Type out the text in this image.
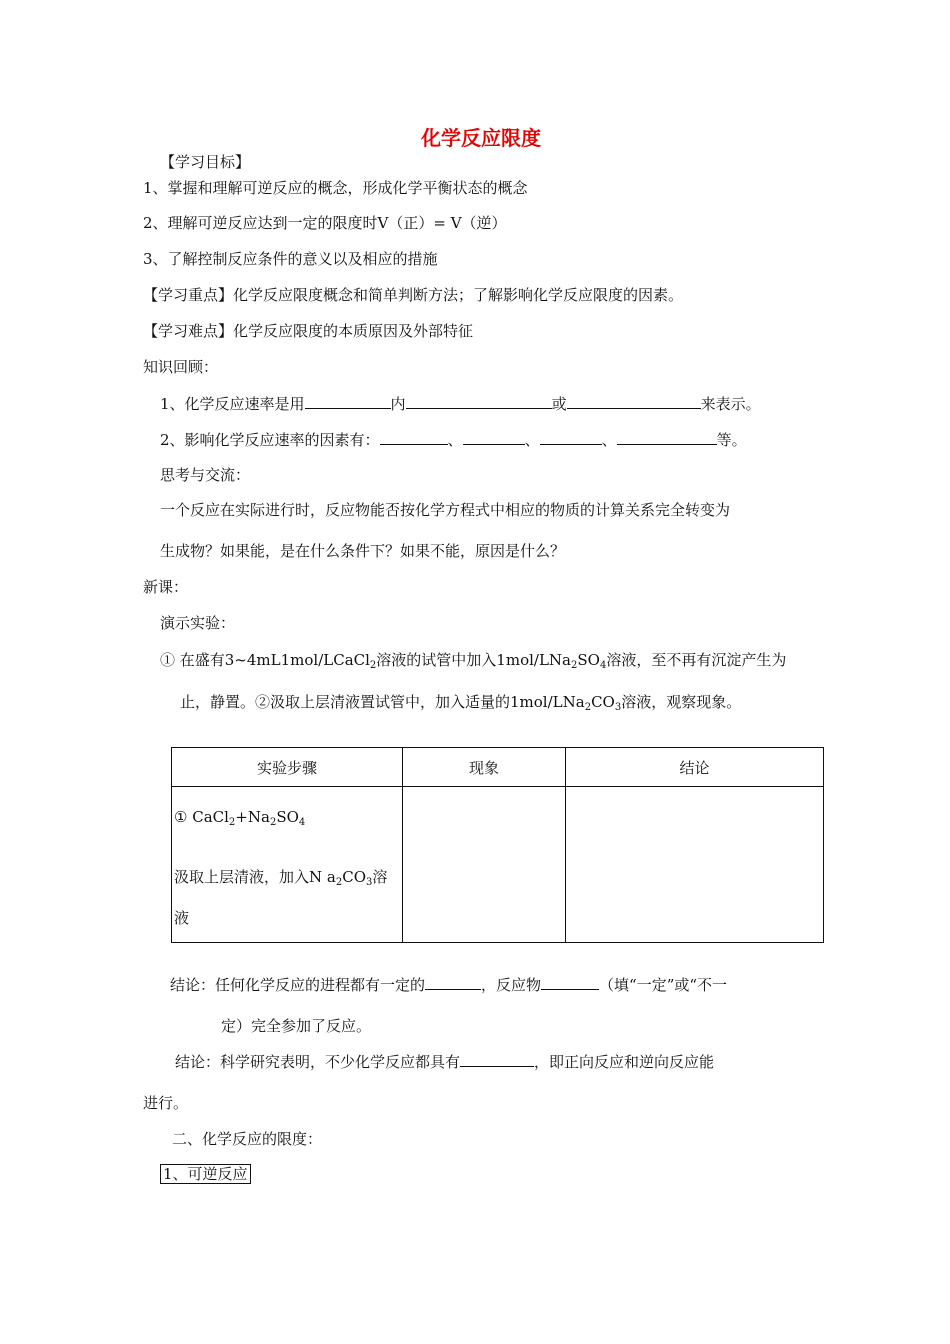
化学反应限度
【学习目标】
1、掌握和理解可逆反应的概念，形成化学平衡状态的概念
2、理解可逆反应达到一定的限度时V（正）= V（逆）
3、了解控制反应条件的意义以及相应的措施
【学习重点】化学反应限度概念和简单判断方法；了解影响化学反应限度的因素。
【学习难点】化学反应限度的本质原因及外部特征
知识回顾：
1、化学反应速率是用	内	或	来表示。
2、影响化学反应速率的因素有：	、	、	、	等。
思考与交流：
一个反应在实际进行时，反应物能否按化学方程式中相应的物质的计算关系完全转变为
生成物？如果能，是在什么条件下？如果不能，原因是什么？
新课：
演示实验：
① 在盛有3~4mL1mol/LCaCl$_2$溶液的试管中加入$1mol/LNa_2SO_4$溶液，至不再有沉淀产生为
止，静置。②汲取上层清液置试管中，加入适量的$1mol/LNa_2CO_3$溶液，观察现象。
实验步骤	现象	结论

① $CaCl_2+Na_2SO_4$
汲取上层清液，加入N $a_2CO_3$溶
液		

结论：任何化学反应的进程都有一定的	，反应物	（填“一定”或“不一
定）完全参加了反应。
结论：科学研究表明，不少化学反应都具有	，即正向反应和逆向反应能
进行。
二、化学反应的限度：
1、可逆反应
